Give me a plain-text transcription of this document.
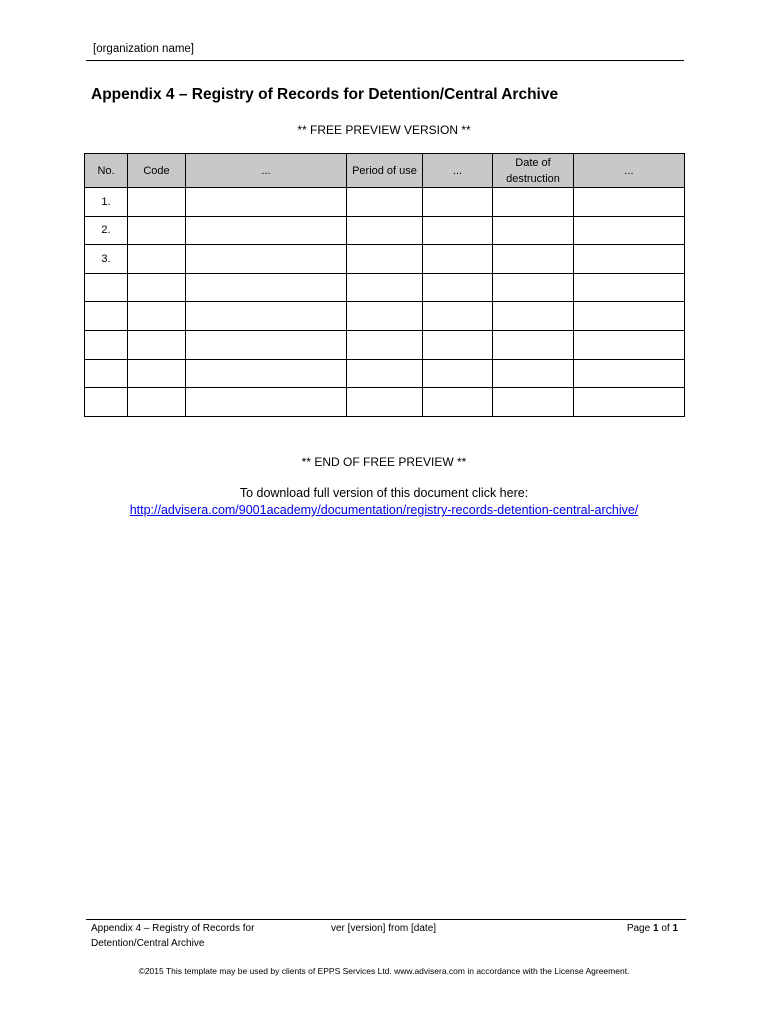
[organization name]
Appendix 4 – Registry of Records for Detention/Central Archive
** FREE PREVIEW VERSION **
No.	Code	...	Period of use	...	Date of destruction	...
1.						
2.						
3.						

** END OF FREE PREVIEW **
To download full version of this document click here:
http://advisera.com/9001academy/documentation/registry-records-detention-central-archive/
Appendix 4 – Registry of Records for Detention/Central Archive
ver [version] from [date]	Page 1 of 1
©2015 This template may be used by clients of EPPS Services Ltd. www.advisera.com in accordance with the License Agreement.
